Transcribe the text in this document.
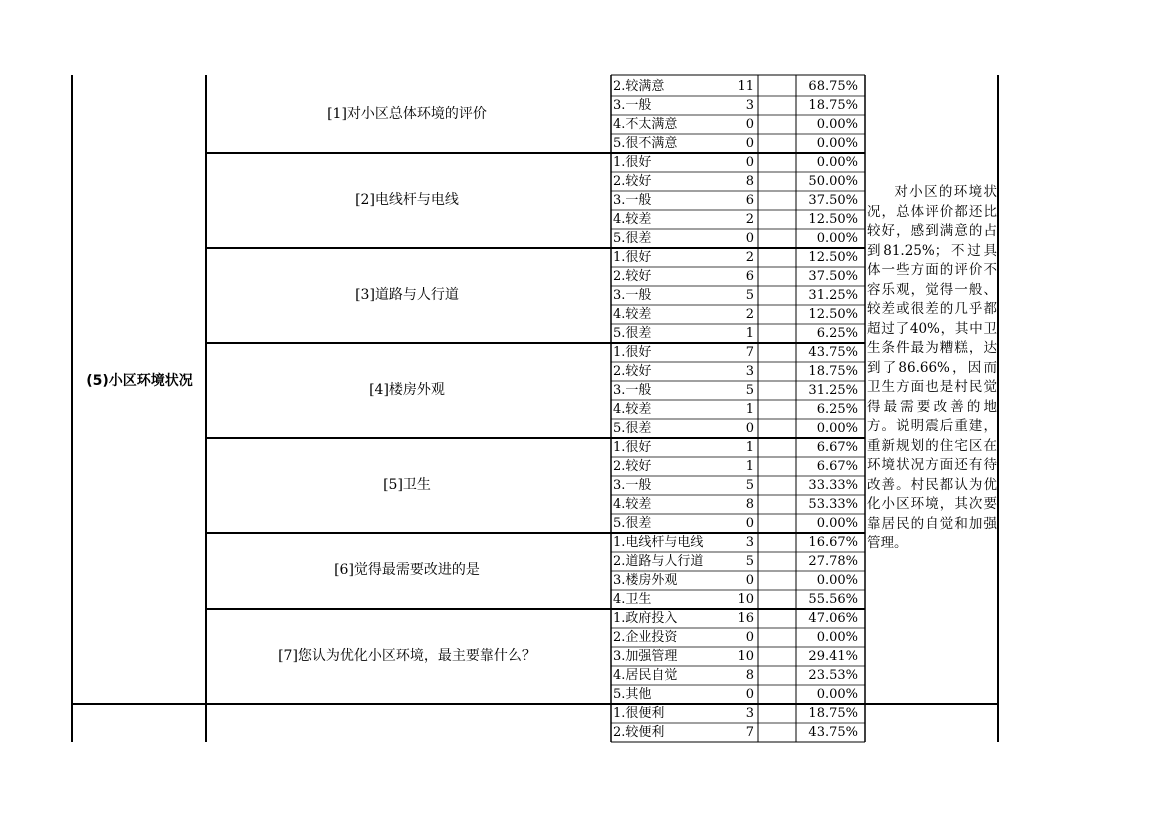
(5)小区环境状况
[1]对小区总体环境的评价
2.较满意	11	68.75%
3.一般	3	18.75%
4.不太满意	0	0.00%
5.很不满意	0	0.00%
[2]电线杆与电线
1.很好	0	0.00%
2.较好	8	50.00%
3.一般	6	37.50%
4.较差	2	12.50%
5.很差	0	0.00%
[3]道路与人行道
1.很好	2	12.50%
2.较好	6	37.50%
3.一般	5	31.25%
4.较差	2	12.50%
5.很差	1	6.25%
[4]楼房外观
1.很好	7	43.75%
2.较好	3	18.75%
3.一般	5	31.25%
4.较差	1	6.25%
5.很差	0	0.00%
[5]卫生
1.很好	1	6.67%
2.较好	1	6.67%
3.一般	5	33.33%
4.较差	8	53.33%
5.很差	0	0.00%
[6]觉得最需要改进的是
1.电线杆与电线	3	16.67%
2.道路与人行道	5	27.78%
3.楼房外观	0	0.00%
4.卫生	10	55.56%
[7]您认为优化小区环境，最主要靠什么？
1.政府投入	16	47.06%
2.企业投资	0	0.00%
3.加强管理	10	29.41%
4.居民自觉	8	23.53%
5.其他	0	0.00%
1.很便利	3	18.75%
2.较便利	7	43.75%
对小区的环境状况，总体评价都还比较好，感到满意的占到81.25%；不过具体一些方面的评价不容乐观，觉得一般、较差或很差的几乎都超过了40%，其中卫生条件最为糟糕，达到了86.66%，因而卫生方面也是村民觉得最需要改善的地方。说明震后重建，重新规划的住宅区在环境状况方面还有待改善。村民都认为优化小区环境，其次要靠居民的自觉和加强管理。
